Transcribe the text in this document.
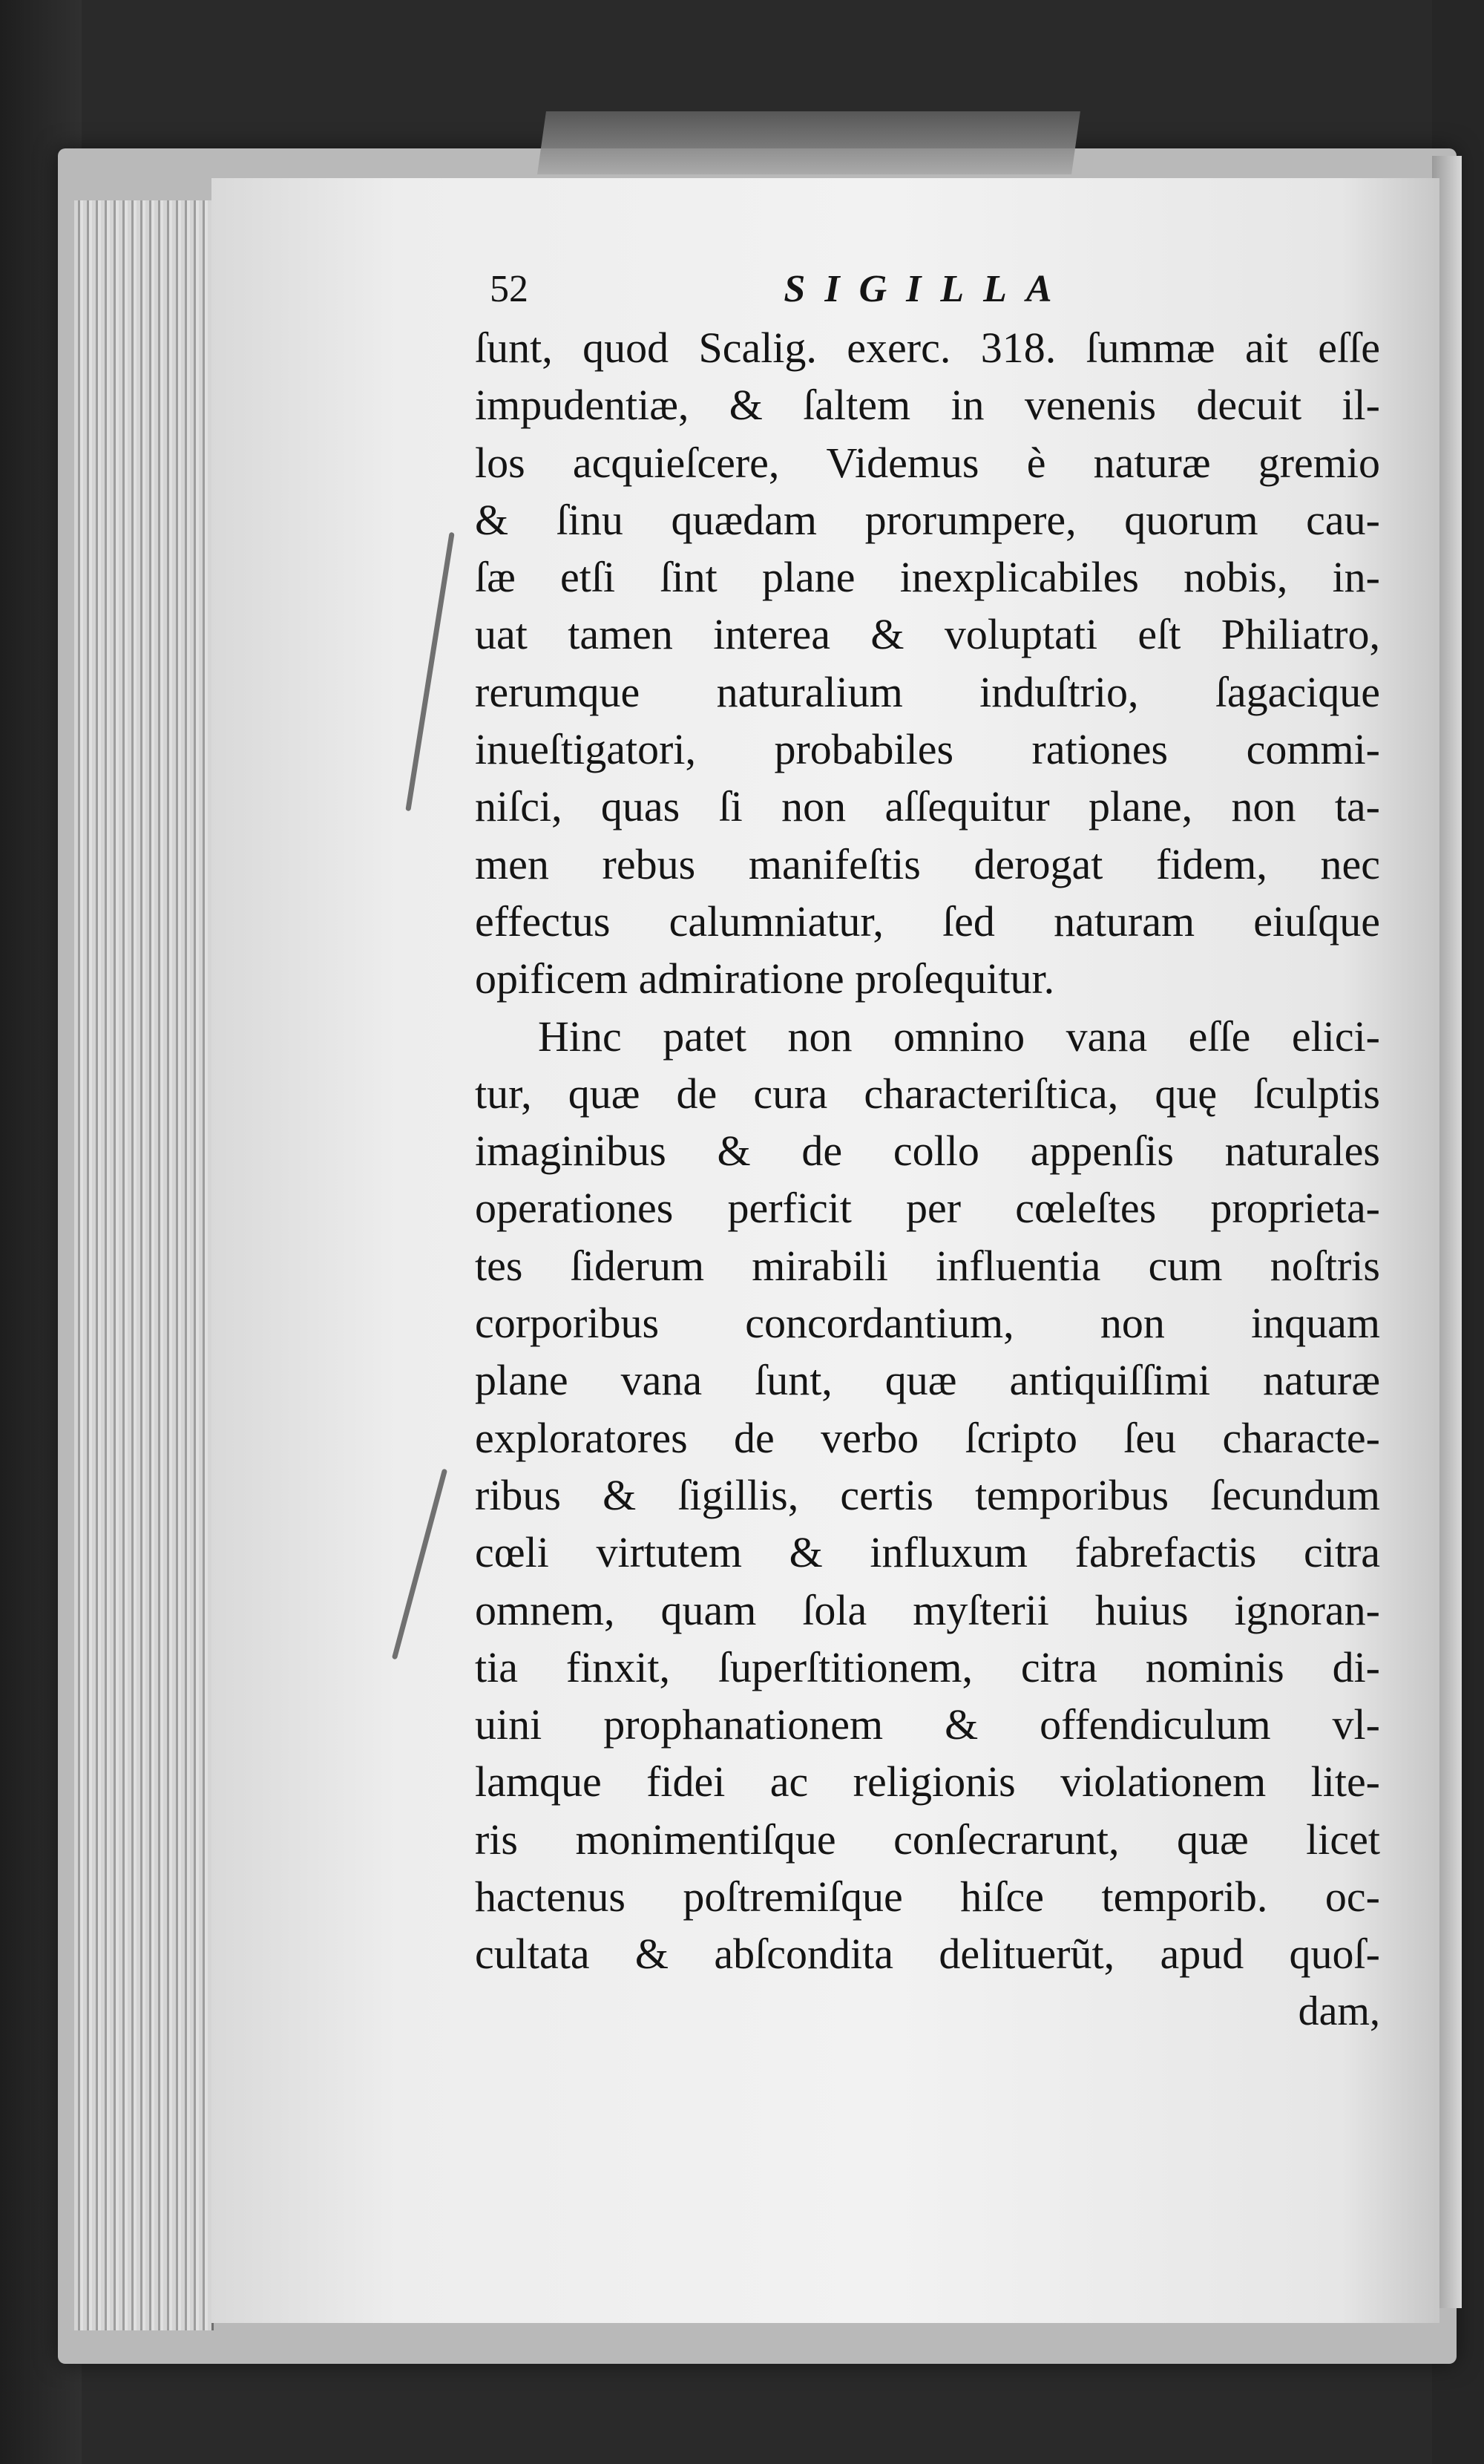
52	SIGILLA
ſunt, quod Scalig. exerc. 318. ſummæ ait eſſe
impudentiæ, & ſaltem in venenis decuit il-
los acquieſcere, Videmus è naturæ gremio
& ſinu quædam prorumpere, quorum cau-
ſæ etſi ſint plane inexplicabiles nobis, in-
uat tamen interea & voluptati eſt Philiatro,
rerumque naturalium induſtrio, ſagacique
inueſtigatori, probabiles rationes commi-
niſci, quas ſi non aſſequitur plane, non ta-
men rebus manifeſtis derogat fidem, nec
effectus calumniatur, ſed naturam eiuſque
opificem admiratione proſequitur.
Hinc patet non omnino vana eſſe elici-
tur, quæ de cura characteriſtica, quę ſculptis
imaginibus & de collo appenſis naturales
operationes perficit per cœleſtes proprieta-
tes ſiderum mirabili influentia cum noſtris
corporibus concordantium, non inquam
plane vana ſunt, quæ antiquiſſimi naturæ
exploratores de verbo ſcripto ſeu characte-
ribus & ſigillis, certis temporibus ſecundum
cœli virtutem & influxum fabrefactis citra
omnem, quam ſola myſterii huius ignoran-
tia finxit, ſuperſtitionem, citra nominis di-
uini prophanationem & offendiculum vl-
lamque fidei ac religionis violationem lite-
ris monimentiſque conſecrarunt, quæ licet
hactenus poſtremiſque hiſce temporib. oc-
cultata & abſcondita delituerũt, apud quoſ-
dam,
